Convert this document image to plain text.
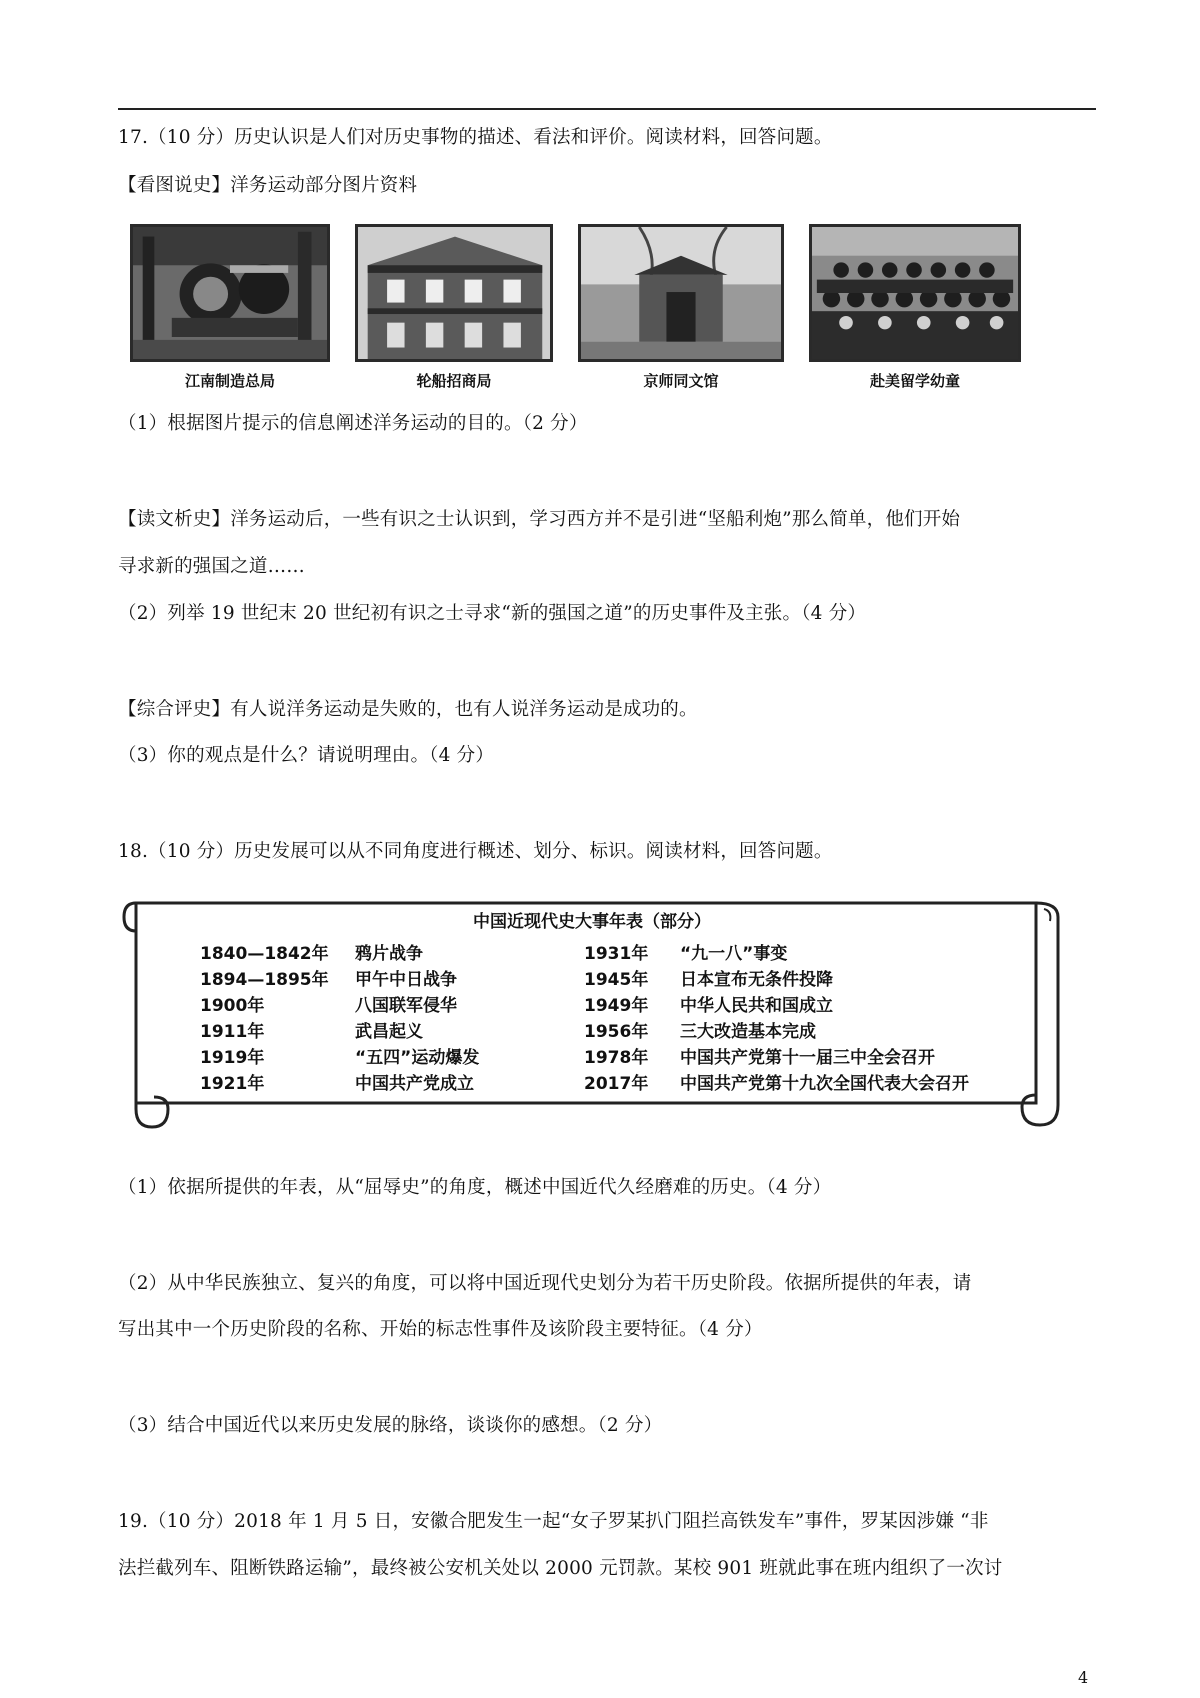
17.（10 分）历史认识是人们对历史事物的描述、看法和评价。阅读材料，回答问题。
【看图说史】洋务运动部分图片资料
江南制造总局	轮船招商局	京师同文馆	赴美留学幼童
（1）根据图片提示的信息阐述洋务运动的目的。（2 分）
【读文析史】洋务运动后，一些有识之士认识到，学习西方并不是引进“坚船利炮”那么简单，他们开始
寻求新的强国之道……
（2）列举 19 世纪末 20 世纪初有识之士寻求“新的强国之道”的历史事件及主张。（4 分）
【综合评史】有人说洋务运动是失败的，也有人说洋务运动是成功的。
（3）你的观点是什么？请说明理由。（4 分）
18.（10 分）历史发展可以从不同角度进行概述、划分、标识。阅读材料，回答问题。
中国近现代史大事年表（部分）
1840—1842年 鸦片战争
1894—1895年 甲午中日战争
1900年	八国联军侵华
1911年	武昌起义
1919年	“五四”运动爆发
1921年	中国共产党成立
1931年 “九一八”事变
1945年 日本宣布无条件投降
1949年 中华人民共和国成立
1956年 三大改造基本完成
1978年 中国共产党第十一届三中全会召开
2017年 中国共产党第十九次全国代表大会召开
（1）依据所提供的年表，从“屈辱史”的角度，概述中国近代久经磨难的历史。（4 分）
（2）从中华民族独立、复兴的角度，可以将中国近现代史划分为若干历史阶段。依据所提供的年表，请
写出其中一个历史阶段的名称、开始的标志性事件及该阶段主要特征。（4 分）
（3）结合中国近代以来历史发展的脉络，谈谈你的感想。（2 分）
19.（10 分）2018 年 1 月 5 日，安徽合肥发生一起“女子罗某扒门阻拦高铁发车”事件，罗某因涉嫌 “非
法拦截列车、阻断铁路运输”，最终被公安机关处以 2000 元罚款。某校 901 班就此事在班内组织了一次讨
4
